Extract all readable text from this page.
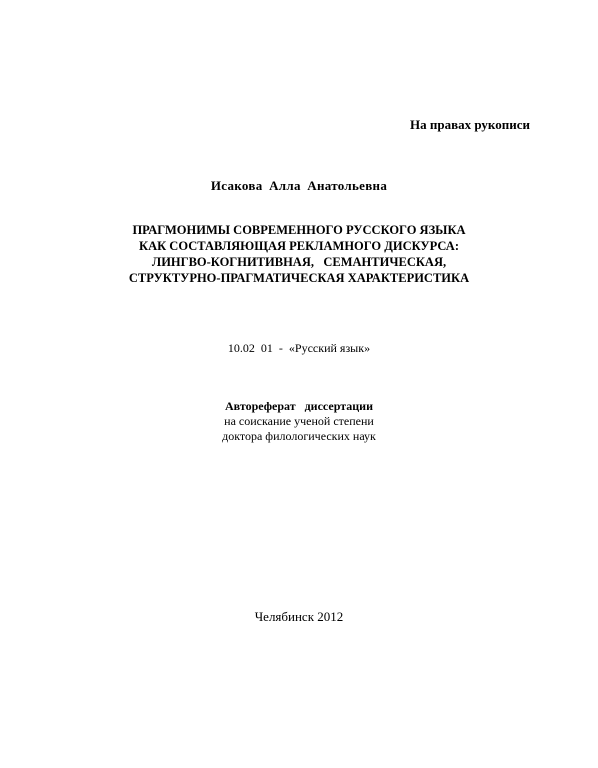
На правах рукописи
Исакова Алла Анатольевна
ПРАГМОНИМЫ СОВРЕМЕННОГО РУССКОГО ЯЗЫКА
КАК СОСТАВЛЯЮЩАЯ РЕКЛАМНОГО ДИСКУРСА:
ЛИНГВО-КОГНИТИВНАЯ,   СЕМАНТИЧЕСКАЯ,
СТРУКТУРНО-ПРАГМАТИЧЕСКАЯ ХАРАКТЕРИСТИКА
10.02  01  -  «Русский язык»
Автореферат   диссертации
на соискание ученой степени
доктора филологических наук
Челябинск 2012
